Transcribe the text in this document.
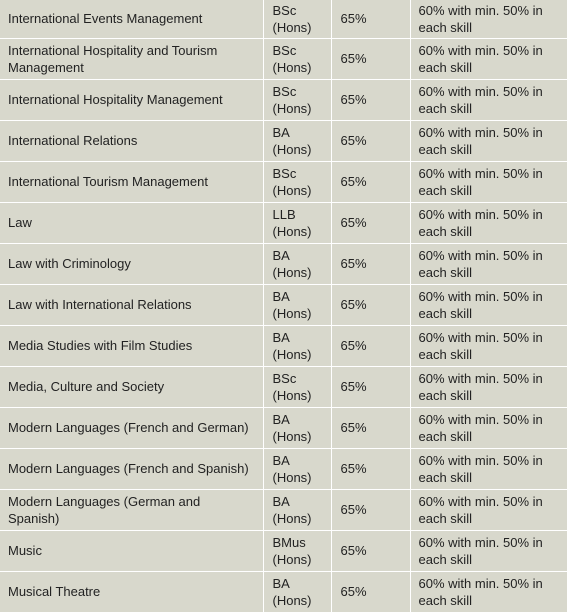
International Events Management	BSc
(Hons)	65%	60% with min. 50% in
each skill

International Hospitality and Tourism Management	BSc
(Hons)	65%	60% with min. 50% in
each skill

International Hospitality Management	BSc
(Hons)	65%	60% with min. 50% in
each skill

International Relations	BA
(Hons)	65%	60% with min. 50% in
each skill

International Tourism Management	BSc
(Hons)	65%	60% with min. 50% in
each skill

Law	LLB
(Hons)	65%	60% with min. 50% in
each skill

Law with Criminology	BA
(Hons)	65%	60% with min. 50% in
each skill

Law with International Relations	BA
(Hons)	65%	60% with min. 50% in
each skill

Media Studies with Film Studies	BA
(Hons)	65%	60% with min. 50% in
each skill

Media, Culture and Society	BSc
(Hons)	65%	60% with min. 50% in
each skill

Modern Languages (French and German)	BA
(Hons)	65%	60% with min. 50% in
each skill

Modern Languages (French and Spanish)	BA
(Hons)	65%	60% with min. 50% in
each skill

Modern Languages (German and Spanish)	BA
(Hons)	65%	60% with min. 50% in
each skill

Music	BMus
(Hons)	65%	60% with min. 50% in
each skill

Musical Theatre	BA
(Hons)	65%	60% with min. 50% in
each skill
